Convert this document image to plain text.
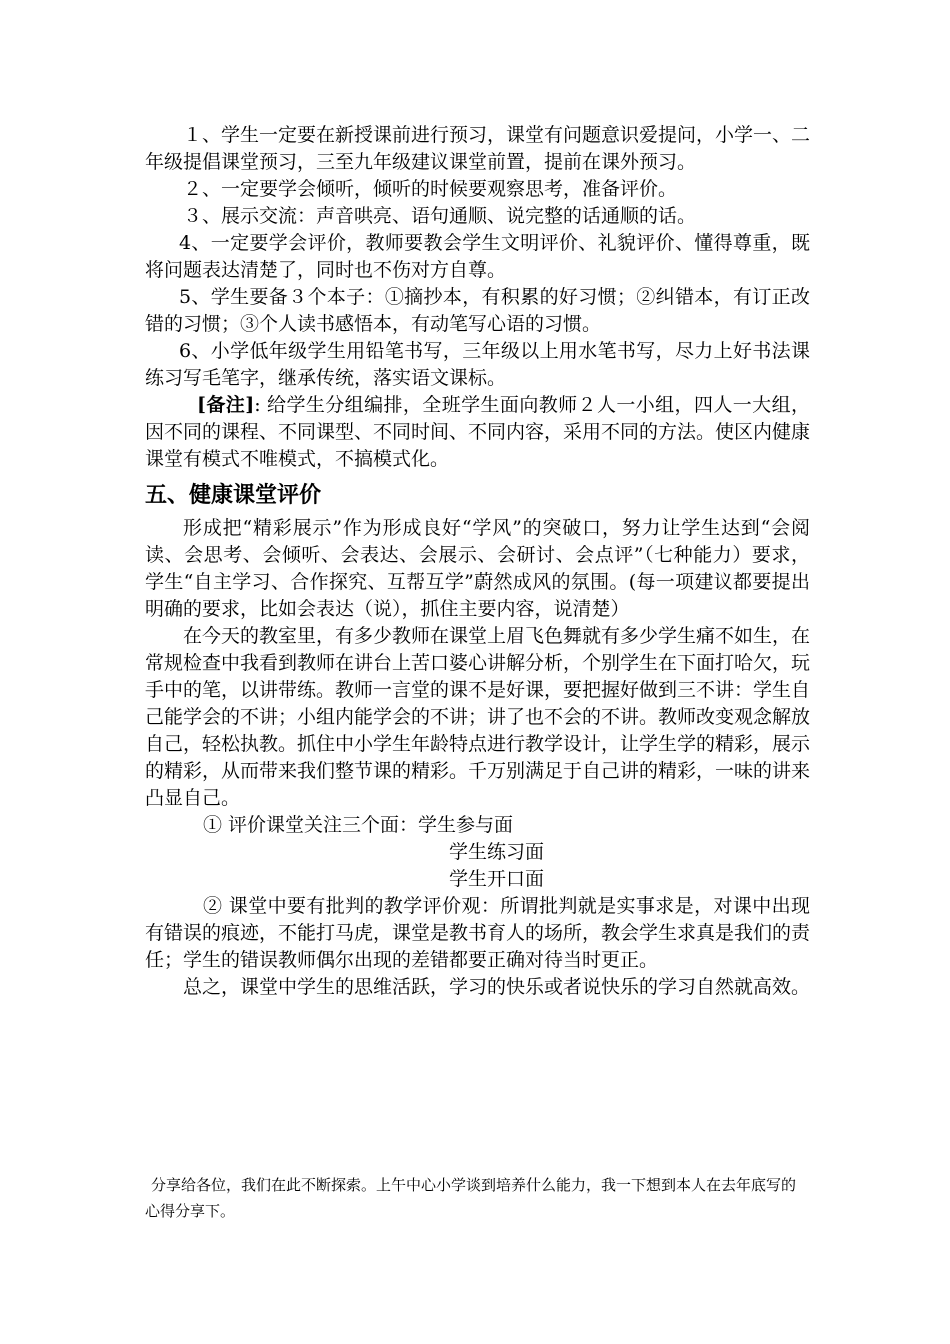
１、学生一定要在新授课前进行预习，课堂有问题意识爱提问，小学一、二年级提倡课堂预习，三至九年级建议课堂前置，提前在课外预习。

２、一定要学会倾听，倾听的时候要观察思考，准备评价。

３、展示交流：声音哄亮、语句通顺、说完整的话通顺的话。

4、一定要学会评价，教师要教会学生文明评价、礼貌评价、懂得尊重，既将问题表达清楚了，同时也不伤对方自尊。

5、学生要备３个本子：①摘抄本，有积累的好习惯；②纠错本，有订正改错的习惯；③个人读书感悟本，有动笔写心语的习惯。

6、小学低年级学生用铅笔书写，三年级以上用水笔书写，尽力上好书法课练习写毛笔字，继承传统，落实语文课标。

[备注]: 给学生分组编排，全班学生面向教师２人一小组，四人一大组，因不同的课程、不同课型、不同时间、不同内容，采用不同的方法。使区内健康课堂有模式不唯模式，不搞模式化。

五、健康课堂评价

形成把“精彩展示”作为形成良好“学风”的突破口，努力让学生达到“会阅读、会思考、会倾听、会表达、会展示、会研讨、会点评”（七种能力）要求，学生“自主学习、合作探究、互帮互学”蔚然成风的氛围。(每一项建议都要提出明确的要求，比如会表达（说），抓住主要内容，说清楚）

在今天的教室里，有多少教师在课堂上眉飞色舞就有多少学生痛不如生，在常规检查中我看到教师在讲台上苦口婆心讲解分析，个别学生在下面打哈欠，玩手中的笔，以讲带练。教师一言堂的课不是好课，要把握好做到三不讲：学生自己能学会的不讲；小组内能学会的不讲；讲了也不会的不讲。教师改变观念解放自己，轻松执教。抓住中小学生年龄特点进行教学设计，让学生学的精彩，展示的精彩，从而带来我们整节课的精彩。千万别满足于自己讲的精彩，一味的讲来凸显自己。

① 评价课堂关注三个面：学生参与面

学生练习面

学生开口面

② 课堂中要有批判的教学评价观：所谓批判就是实事求是，对课中出现有错误的痕迹，不能打马虎，课堂是教书育人的场所，教会学生求真是我们的责任；学生的错误教师偶尔出现的差错都要正确对待当时更正。

总之，课堂中学生的思维活跃，学习的快乐或者说快乐的学习自然就高效。

分享给各位，我们在此不断探索。上午中心小学谈到培养什么能力，我一下想到本人在去年底写的心得分享下。
